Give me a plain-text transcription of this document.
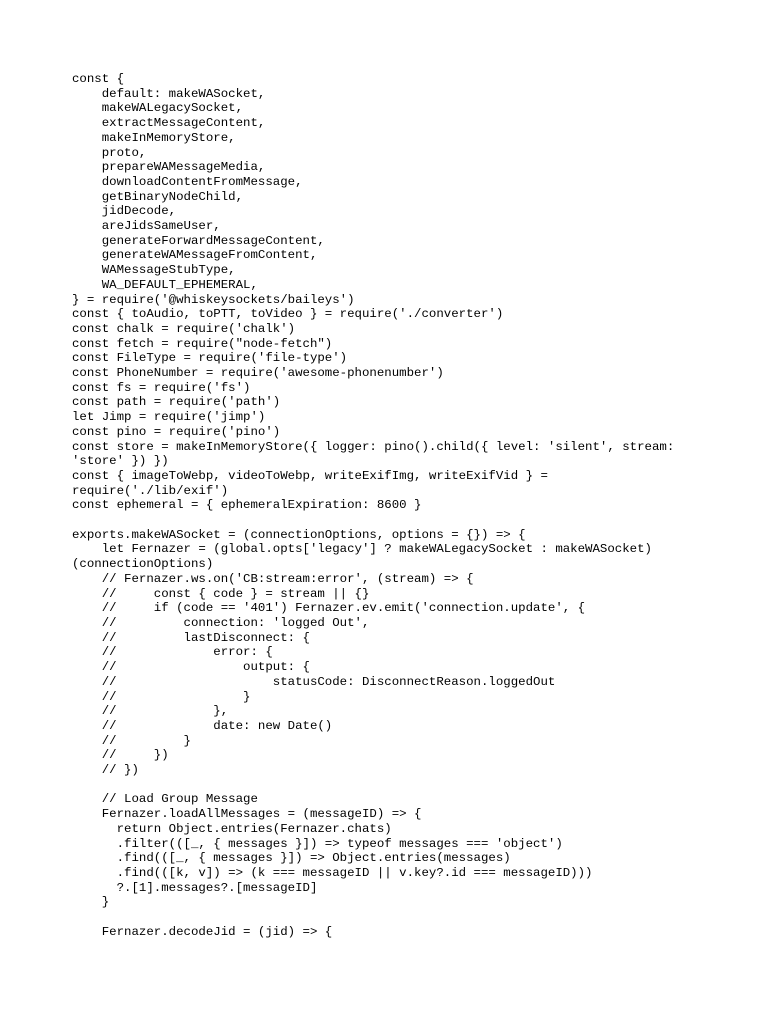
const {
default: makeWASocket,
makeWALegacySocket,
extractMessageContent,
makeInMemoryStore,
proto,
prepareWAMessageMedia,
downloadContentFromMessage,
getBinaryNodeChild,
jidDecode,
areJidsSameUser,
generateForwardMessageContent,
generateWAMessageFromContent,
WAMessageStubType,
WA_DEFAULT_EPHEMERAL,
} = require('@whiskeysockets/baileys')
const { toAudio, toPTT, toVideo } = require('./converter')
const chalk = require('chalk')
const fetch = require("node-fetch")
const FileType = require('file-type')
const PhoneNumber = require('awesome-phonenumber')
const fs = require('fs')
const path = require('path')
let Jimp = require('jimp')
const pino = require('pino')
const store = makeInMemoryStore({ logger: pino().child({ level: 'silent', stream:
'store' }) })
const { imageToWebp, videoToWebp, writeExifImg, writeExifVid } =
require('./lib/exif')
const ephemeral = { ephemeralExpiration: 8600 }
exports.makeWASocket = (connectionOptions, options = {}) => {
let Fernazer = (global.opts['legacy'] ? makeWALegacySocket : makeWASocket)
(connectionOptions)
// Fernazer.ws.on('CB:stream:error', (stream) => {
//     const { code } = stream || {}
//     if (code == '401') Fernazer.ev.emit('connection.update', {
//         connection: 'logged Out',
//         lastDisconnect: {
//             error: {
//                 output: {
//                     statusCode: DisconnectReason.loggedOut
//                 }
//             },
//             date: new Date()
//         }
//     })
// })
// Load Group Message
Fernazer.loadAllMessages = (messageID) => {
return Object.entries(Fernazer.chats)
.filter(([_, { messages }]) => typeof messages === 'object')
.find(([_, { messages }]) => Object.entries(messages)
.find(([k, v]) => (k === messageID || v.key?.id === messageID)))
?.[1].messages?.[messageID]
}
Fernazer.decodeJid = (jid) => {
